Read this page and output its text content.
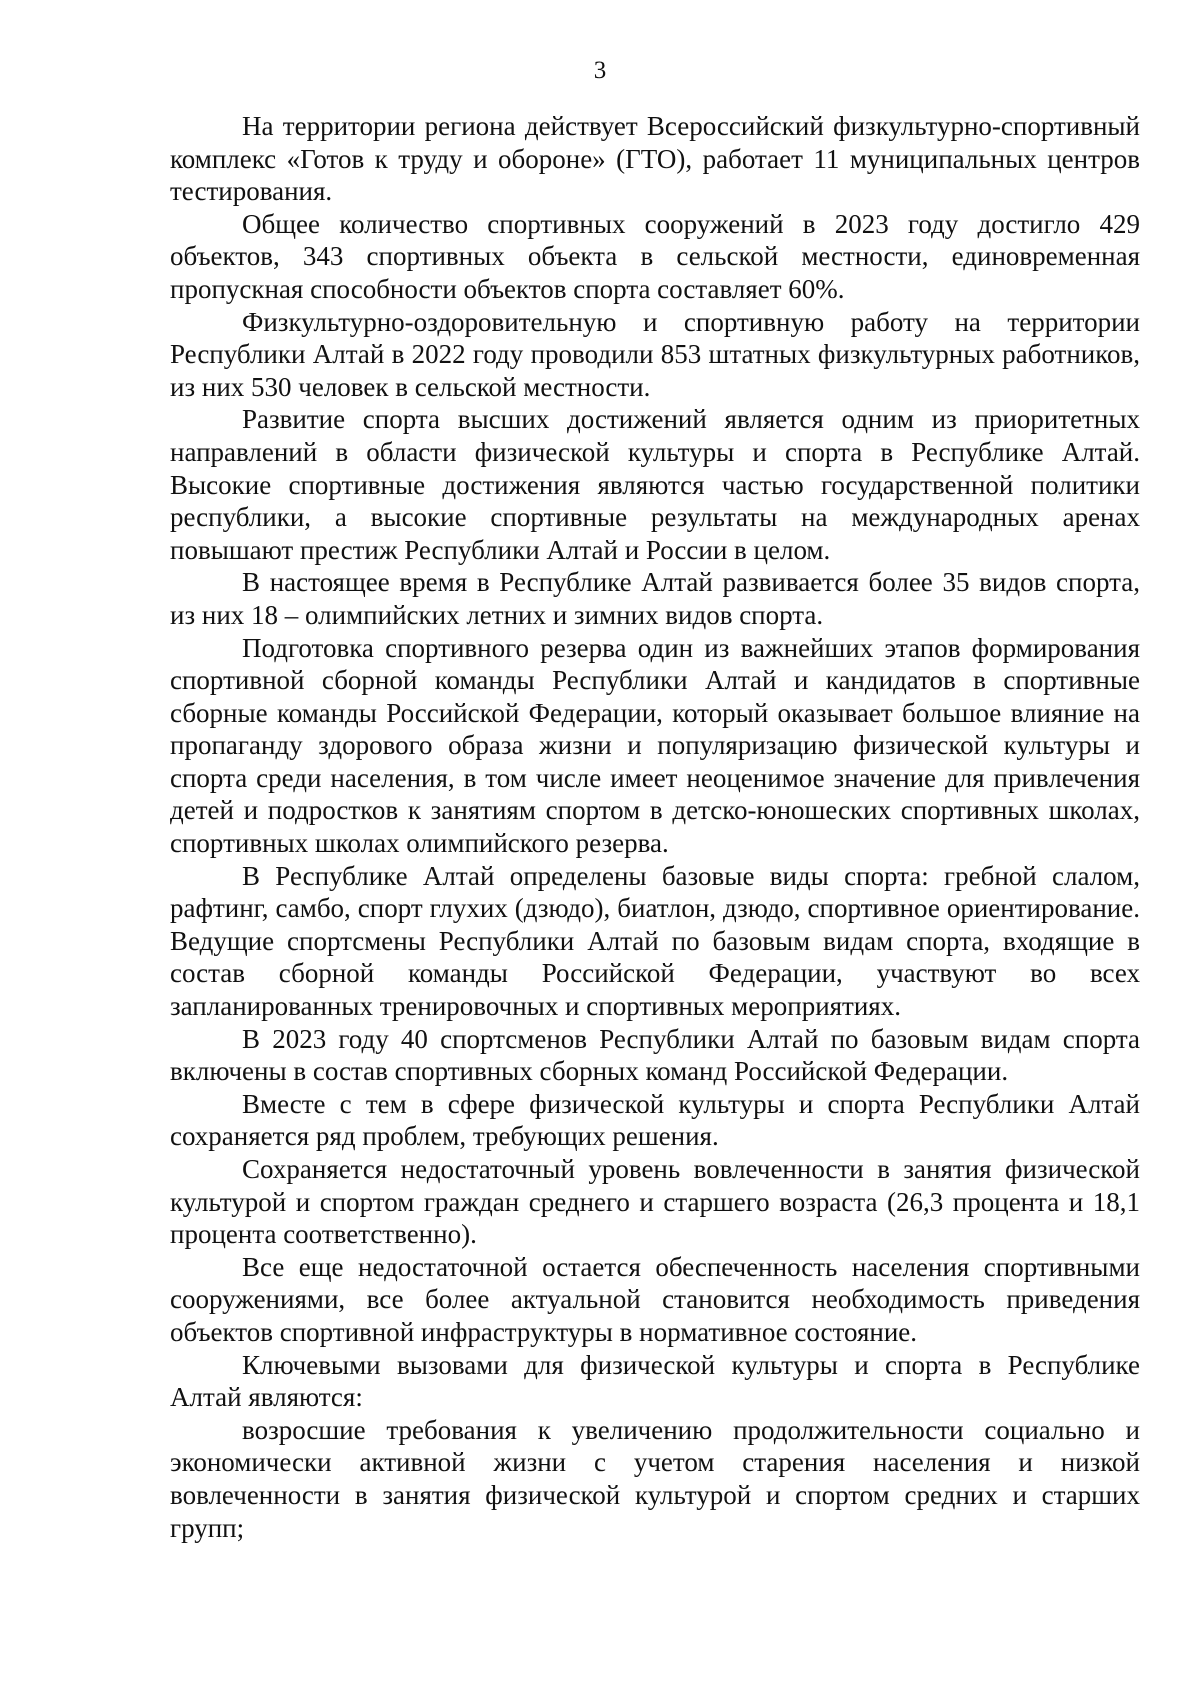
3

На территории региона действует Всероссийский физкультурно-спортивный комплекс «Готов к труду и обороне» (ГТО), работает 11 муниципальных центров тестирования.

Общее количество спортивных сооружений в 2023 году достигло 429 объектов, 343 спортивных объекта в сельской местности, единовременная пропускная способности объектов спорта составляет 60%.

Физкультурно-оздоровительную и спортивную работу на территории Республики Алтай в 2022 году проводили 853 штатных физкультурных работников, из них 530 человек в сельской местности.

Развитие спорта высших достижений является одним из приоритетных направлений в области физической культуры и спорта в Республике Алтай. Высокие спортивные достижения являются частью государственной политики республики, а высокие спортивные результаты на международных аренах повышают престиж Республики Алтай и России в целом.

В настоящее время в Республике Алтай развивается более 35 видов спорта, из них 18 – олимпийских летних и зимних видов спорта.

Подготовка спортивного резерва один из важнейших этапов формирования спортивной сборной команды Республики Алтай и кандидатов в спортивные сборные команды Российской Федерации, который оказывает большое влияние на пропаганду здорового образа жизни и популяризацию физической культуры и спорта среди населения, в том числе имеет неоценимое значение для привлечения детей и подростков к занятиям спортом в детско-юношеских спортивных школах, спортивных школах олимпийского резерва.

В Республике Алтай определены базовые виды спорта: гребной слалом, рафтинг, самбо, спорт глухих (дзюдо), биатлон, дзюдо, спортивное ориентирование. Ведущие спортсмены Республики Алтай по базовым видам спорта, входящие в состав сборной команды Российской Федерации, участвуют во всех запланированных тренировочных и спортивных мероприятиях.

В 2023 году 40 спортсменов Республики Алтай по базовым видам спорта включены в состав спортивных сборных команд Российской Федерации.

Вместе с тем в сфере физической культуры и спорта Республики Алтай сохраняется ряд проблем, требующих решения.

Сохраняется недостаточный уровень вовлеченности в занятия физической культурой и спортом граждан среднего и старшего возраста (26,3 процента и 18,1 процента соответственно).

Все еще недостаточной остается обеспеченность населения спортивными сооружениями, все более актуальной становится необходимость приведения объектов спортивной инфраструктуры в нормативное состояние.

Ключевыми вызовами для физической культуры и спорта в Республике Алтай являются:

возросшие требования к увеличению продолжительности социально и экономически активной жизни с учетом старения населения и низкой вовлеченности в занятия физической культурой и спортом средних и старших групп;
